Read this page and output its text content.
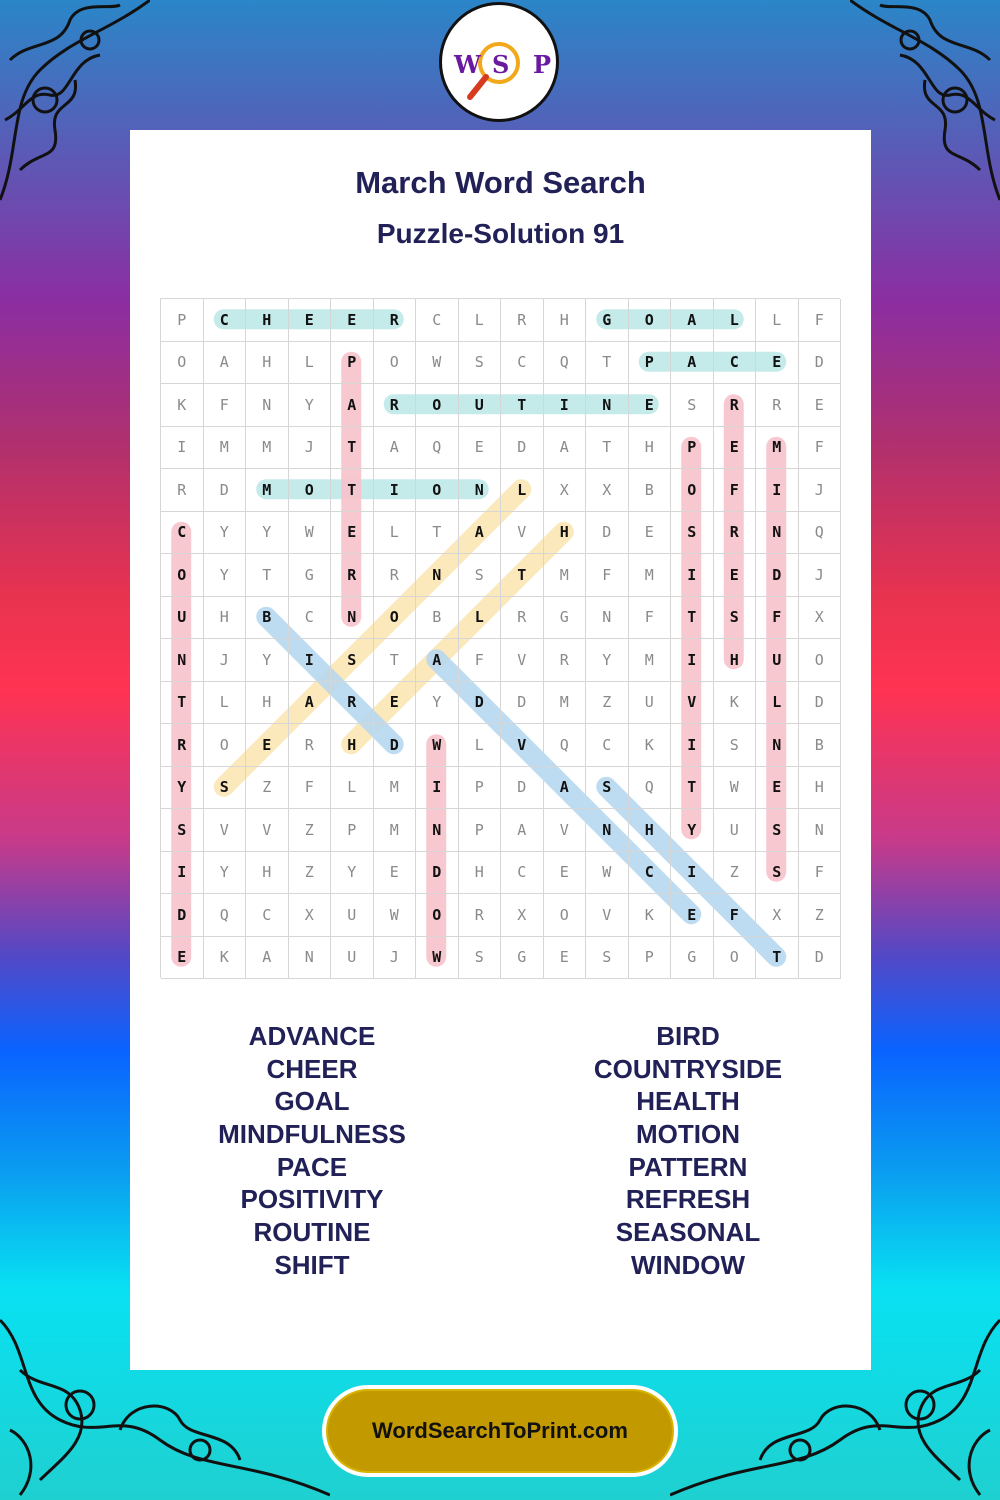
W S P
March Word Search
Puzzle-Solution 91
P	C	H	E	E	R	C	L	R	H	G	O	A	L	L	F
O	A	H	L	P	O	W	S	C	Q	T	P	A	C	E	D
K	F	N	Y	A	R	O	U	T	I	N	E	S	R	R	E
I	M	M	J	T	A	Q	E	D	A	T	H	P	E	M	F
R	D	M	O	T	I	O	N	L	X	X	B	O	F	I	J
C	Y	Y	W	E	L	T	A	V	H	D	E	S	R	N	Q
O	Y	T	G	R	R	N	S	T	M	F	M	I	E	D	J
U	H	B	C	N	O	B	L	R	G	N	F	T	S	F	X
N	J	Y	I	S	T	A	F	V	R	Y	M	I	H	U	O
T	L	H	A	R	E	Y	D	D	M	Z	U	V	K	L	D
R	O	E	R	H	D	W	L	V	Q	C	K	I	S	N	B
Y	S	Z	F	L	M	I	P	D	A	S	Q	T	W	E	H
S	V	V	Z	P	M	N	P	A	V	N	H	Y	U	S	N
I	Y	H	Z	Y	E	D	H	C	E	W	C	I	Z	S	F
D	Q	C	X	U	W	O	R	X	O	V	K	E	F	X	Z
E	K	A	N	U	J	W	S	G	E	S	P	G	O	T	D
ADVANCE
CHEER
GOAL
MINDFULNESS
PACE
POSITIVITY
ROUTINE
SHIFT
BIRD
COUNTRYSIDE
HEALTH
MOTION
PATTERN
REFRESH
SEASONAL
WINDOW
WordSearchToPrint.com
